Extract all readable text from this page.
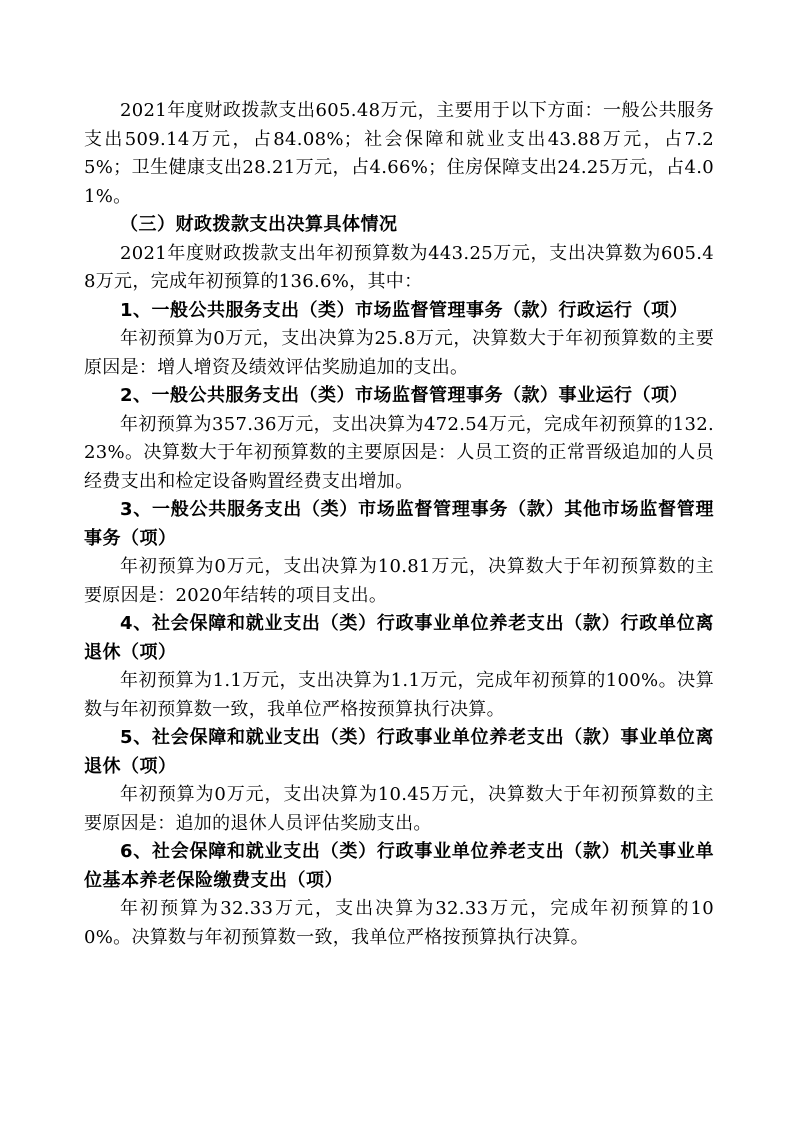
2021年度财政拨款支出605.48万元，主要用于以下方面：一般公共服务支出509.14万元，占84.08%；社会保障和就业支出43.88万元，占7.25%；卫生健康支出28.21万元，占4.66%；住房保障支出24.25万元，占4.01%。

（三）财政拨款支出决算具体情况

2021年度财政拨款支出年初预算数为443.25万元，支出决算数为605.48万元，完成年初预算的136.6%，其中：

1、一般公共服务支出（类）市场监督管理事务（款）行政运行（项）

年初预算为0万元，支出决算为25.8万元，决算数大于年初预算数的主要原因是：增人增资及绩效评估奖励追加的支出。

2、一般公共服务支出（类）市场监督管理事务（款）事业运行（项）

年初预算为357.36万元，支出决算为472.54万元，完成年初预算的132.23%。决算数大于年初预算数的主要原因是：人员工资的正常晋级追加的人员经费支出和检定设备购置经费支出增加。

3、一般公共服务支出（类）市场监督管理事务（款）其他市场监督管理事务（项）

年初预算为0万元，支出决算为10.81万元，决算数大于年初预算数的主要原因是：2020年结转的项目支出。

4、社会保障和就业支出（类）行政事业单位养老支出（款）行政单位离退休（项）

年初预算为1.1万元，支出决算为1.1万元，完成年初预算的100%。决算数与年初预算数一致，我单位严格按预算执行决算。

5、社会保障和就业支出（类）行政事业单位养老支出（款）事业单位离退休（项）

年初预算为0万元，支出决算为10.45万元，决算数大于年初预算数的主要原因是：追加的退休人员评估奖励支出。

6、社会保障和就业支出（类）行政事业单位养老支出（款）机关事业单位基本养老保险缴费支出（项）

年初预算为32.33万元，支出决算为32.33万元，完成年初预算的100%。决算数与年初预算数一致，我单位严格按预算执行决算。
